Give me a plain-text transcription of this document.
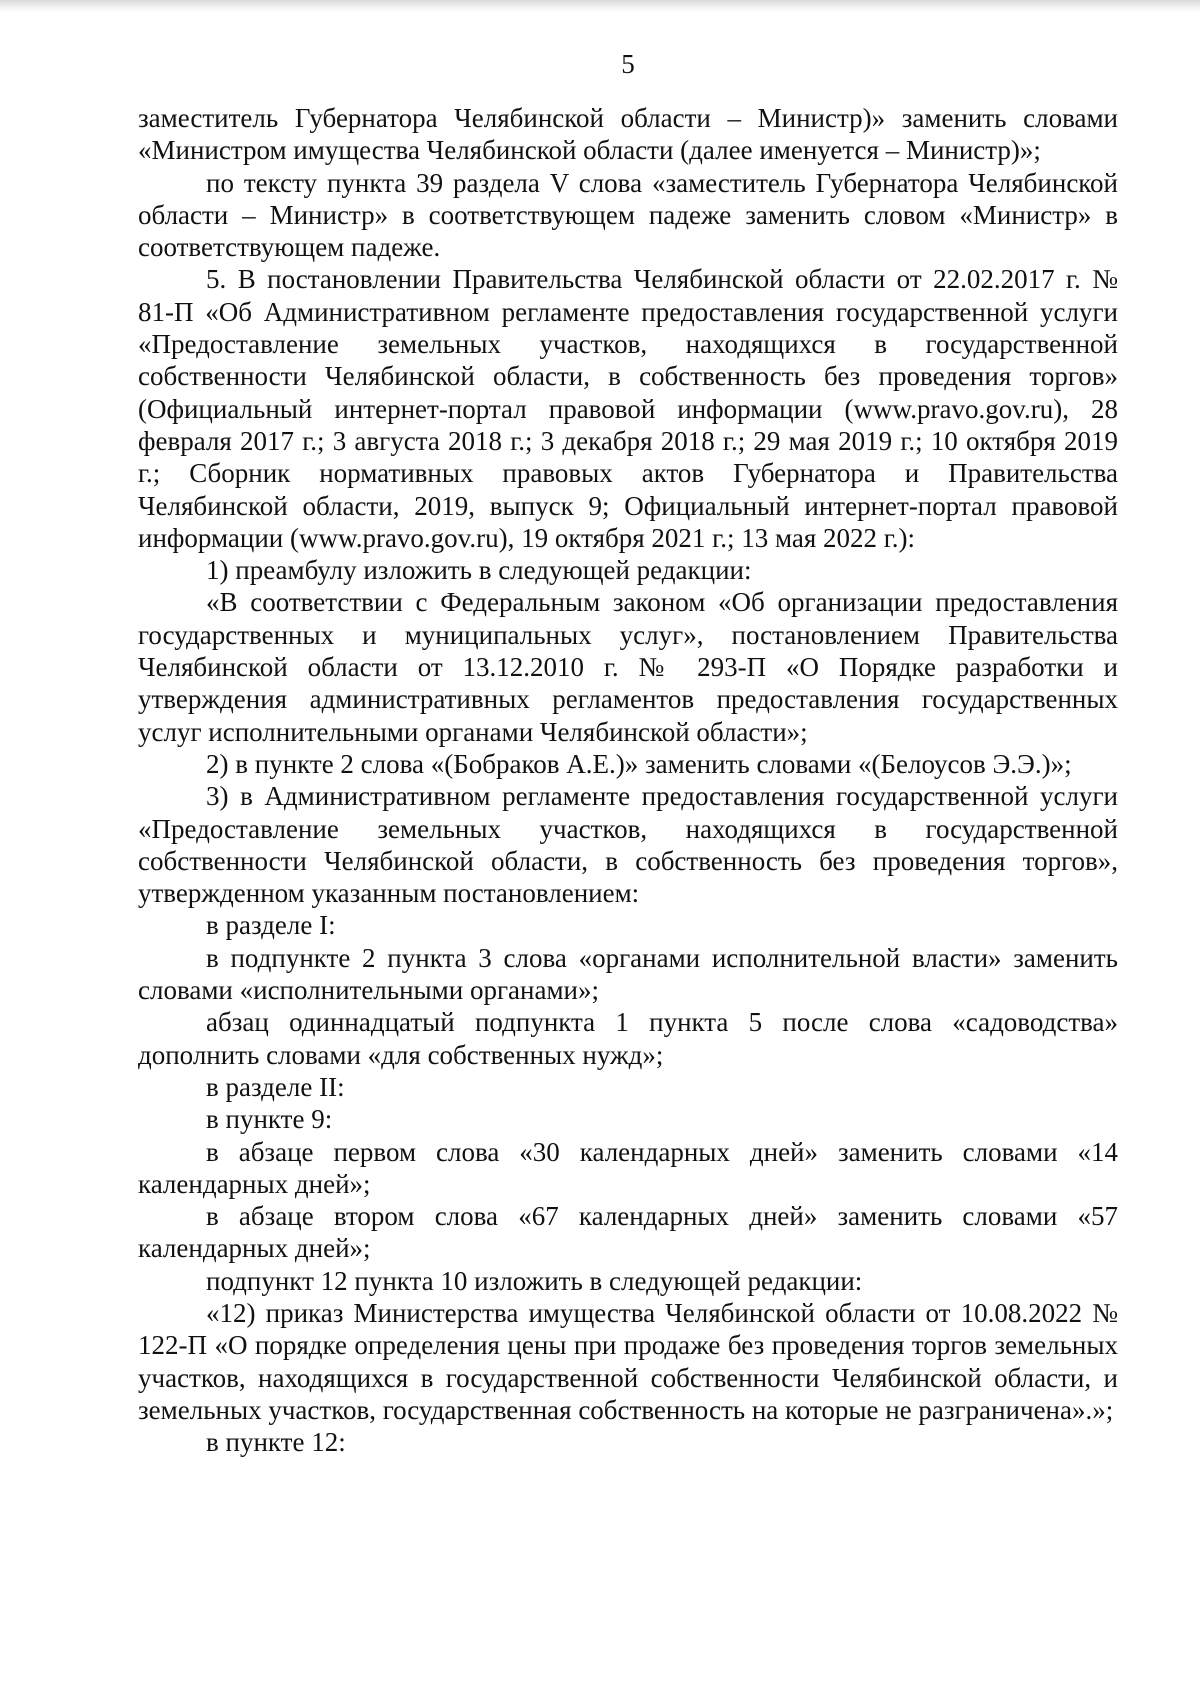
5

заместитель Губернатора Челябинской области – Министр)» заменить словами «Министром имущества Челябинской области (далее именуется – Министр)»;

по тексту пункта 39 раздела V слова «заместитель Губернатора Челябинской области – Министр» в соответствующем падеже заменить словом «Министр» в соответствующем падеже.

5. В постановлении Правительства Челябинской области от 22.02.2017 г. № 81-П «Об Административном регламенте предоставления государственной услуги «Предоставление земельных участков, находящихся в государственной собственности Челябинской области, в собственность без проведения торгов» (Официальный интернет-портал правовой информации (www.pravo.gov.ru), 28 февраля 2017 г.; 3 августа 2018 г.; 3 декабря 2018 г.; 29 мая 2019 г.; 10 октября 2019 г.; Сборник нормативных правовых актов Губернатора и Правительства Челябинской области, 2019, выпуск 9; Официальный интернет-портал правовой информации (www.pravo.gov.ru), 19 октября 2021 г.; 13 мая 2022 г.):

1) преамбулу изложить в следующей редакции:

«В соответствии с Федеральным законом «Об организации предоставления государственных и муниципальных услуг», постановлением Правительства Челябинской области от 13.12.2010 г. № 293-П «О Порядке разработки и утверждения административных регламентов предоставления государственных услуг исполнительными органами Челябинской области»;

2) в пункте 2 слова «(Бобраков А.Е.)» заменить словами «(Белоусов Э.Э.)»;

3) в Административном регламенте предоставления государственной услуги «Предоставление земельных участков, находящихся в государственной собственности Челябинской области, в собственность без проведения торгов», утвержденном указанным постановлением:

в разделе I:

в подпункте 2 пункта 3 слова «органами исполнительной власти» заменить словами «исполнительными органами»;

абзац одиннадцатый подпункта 1 пункта 5 после слова «садоводства» дополнить словами «для собственных нужд»;

в разделе II:

в пункте 9:

в абзаце первом слова «30 календарных дней» заменить словами «14 календарных дней»;

в абзаце втором слова «67 календарных дней» заменить словами «57 календарных дней»;

подпункт 12 пункта 10 изложить в следующей редакции:

«12) приказ Министерства имущества Челябинской области от 10.08.2022 № 122-П «О порядке определения цены при продаже без проведения торгов земельных участков, находящихся в государственной собственности Челябинской области, и земельных участков, государственная собственность на которые не разграничена».»;

в пункте 12:
